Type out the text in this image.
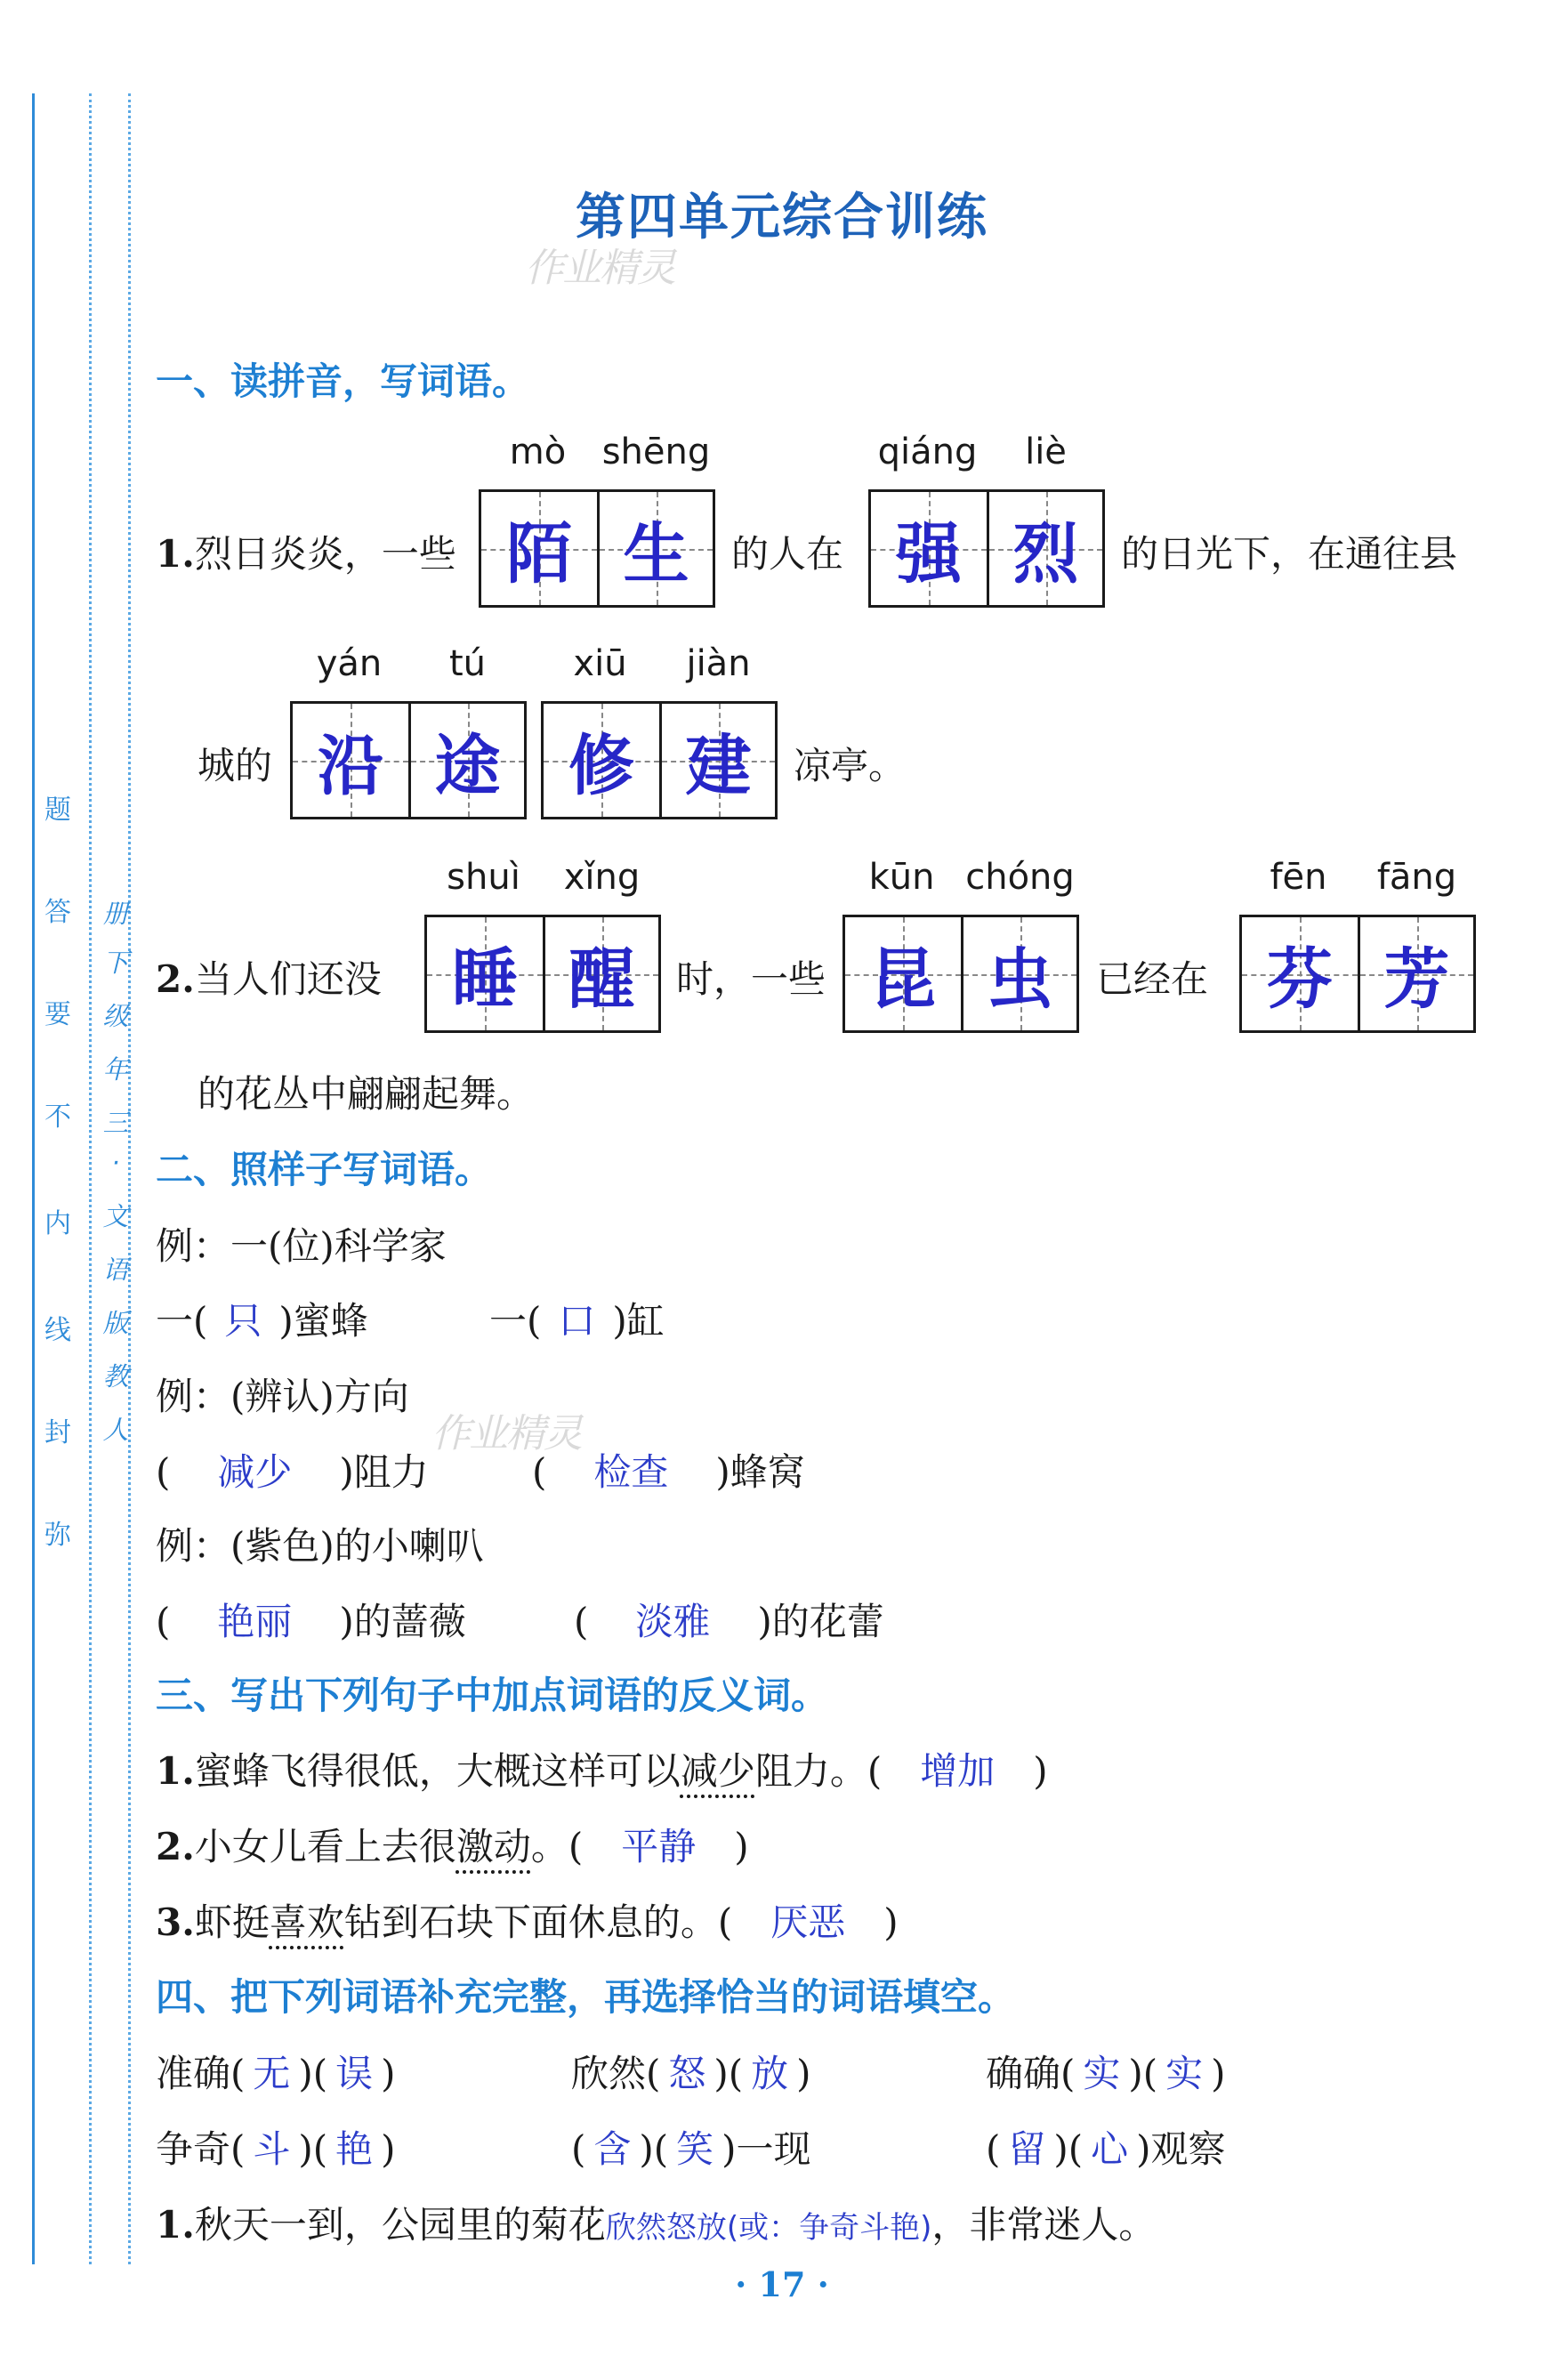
题
答
要
不
内
线
封
弥
册
下
级
年
三
·
文
语
版
教
人
第四单元综合训练
作业精灵
作业精灵
一、读拼音，写词语。
1.烈日炎炎，一些
mò	shēng
陌 生	的人在
qiáng	liè
强 烈	的日光下，在通往县
城的
yán	tú
沿 途
xiū	jiàn
修 建	凉亭。
2.当人们还没
shuì	xǐng
睡 醒	时，一些
kūn chóng
昆 虫	已经在
fēn	fāng
芬 芳
的花丛中翩翩起舞。
二、照样子写词语。
例：一(位)科学家
一( 只 )蜜蜂	一( 口 )缸
例：(辨认)方向
( 减少 )阻力	( 检查 )蜂窝
例：(紫色)的小喇叭
( 艳丽 )的蔷薇	( 淡雅 )的花蕾
三、写出下列句子中加点词语的反义词。
1.蜜蜂飞得很低，大概这样可以减少阻力。( 增加 )
2.小女儿看上去很激动。( 平静 )
3.虾挺喜欢钻到石块下面休息的。( 厌恶 )
四、把下列词语补充完整，再选择恰当的词语填空。
准确( 无 )( 误 )	欣然( 怒 )( 放 )	确确( 实 )( 实 )
争奇( 斗 )( 艳 )	( 含 )( 笑 )一现	( 留 )( 心 )观察
1.秋天一到，公园里的菊花欣然怒放(或：争奇斗艳)，非常迷人。
· 17 ·
